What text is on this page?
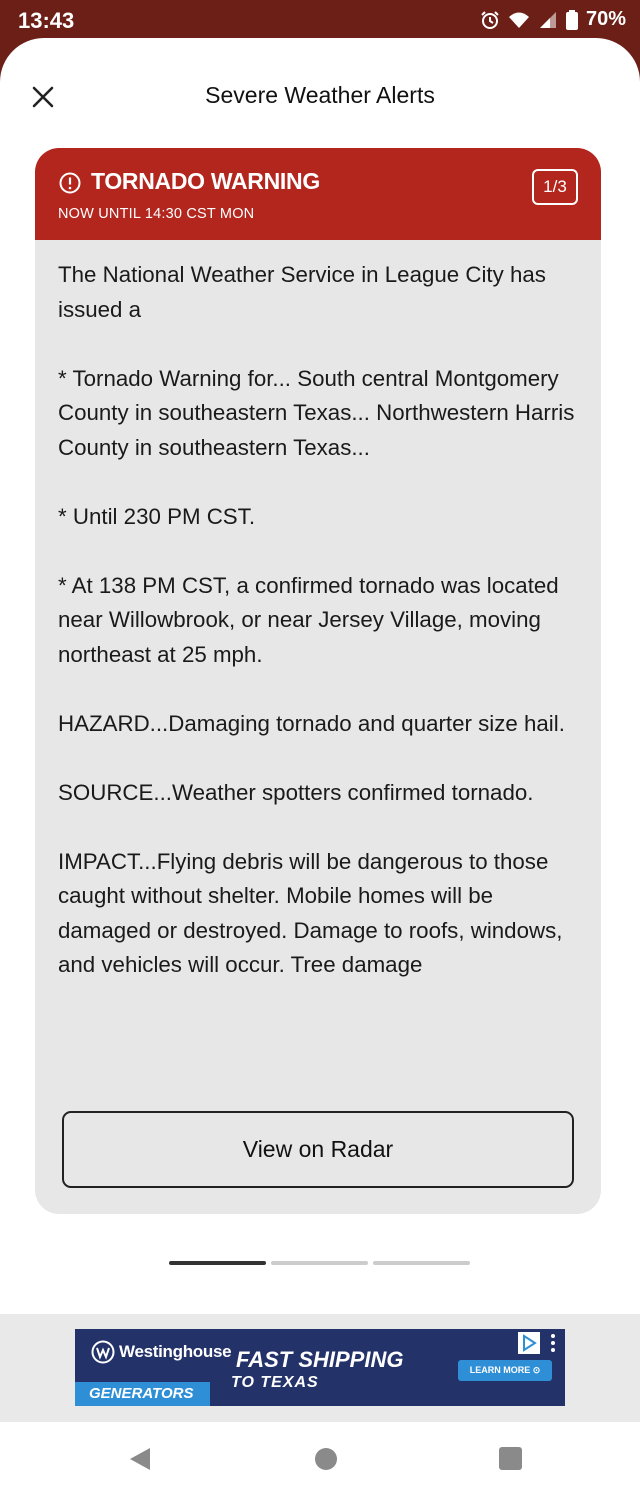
13:43	70%
Severe Weather Alerts
TORNADO WARNING
NOW UNTIL 14:30 CST MON
1/3

The National Weather Service in League City has issued a

* Tornado Warning for... South central Montgomery County in southeastern Texas... Northwestern Harris County in southeastern Texas...

* Until 230 PM CST.

* At 138 PM CST, a confirmed tornado was located near Willowbrook, or near Jersey Village, moving northeast at 25 mph.

HAZARD...Damaging tornado and quarter size hail.

SOURCE...Weather spotters confirmed tornado.

IMPACT...Flying debris will be dangerous to those caught without shelter. Mobile homes will be damaged or destroyed. Damage to roofs, windows, and vehicles will occur. Tree damage

View on Radar
Westinghouse
GENERATORS
FAST SHIPPING
TO TEXAS
LEARN MORE ⊙
